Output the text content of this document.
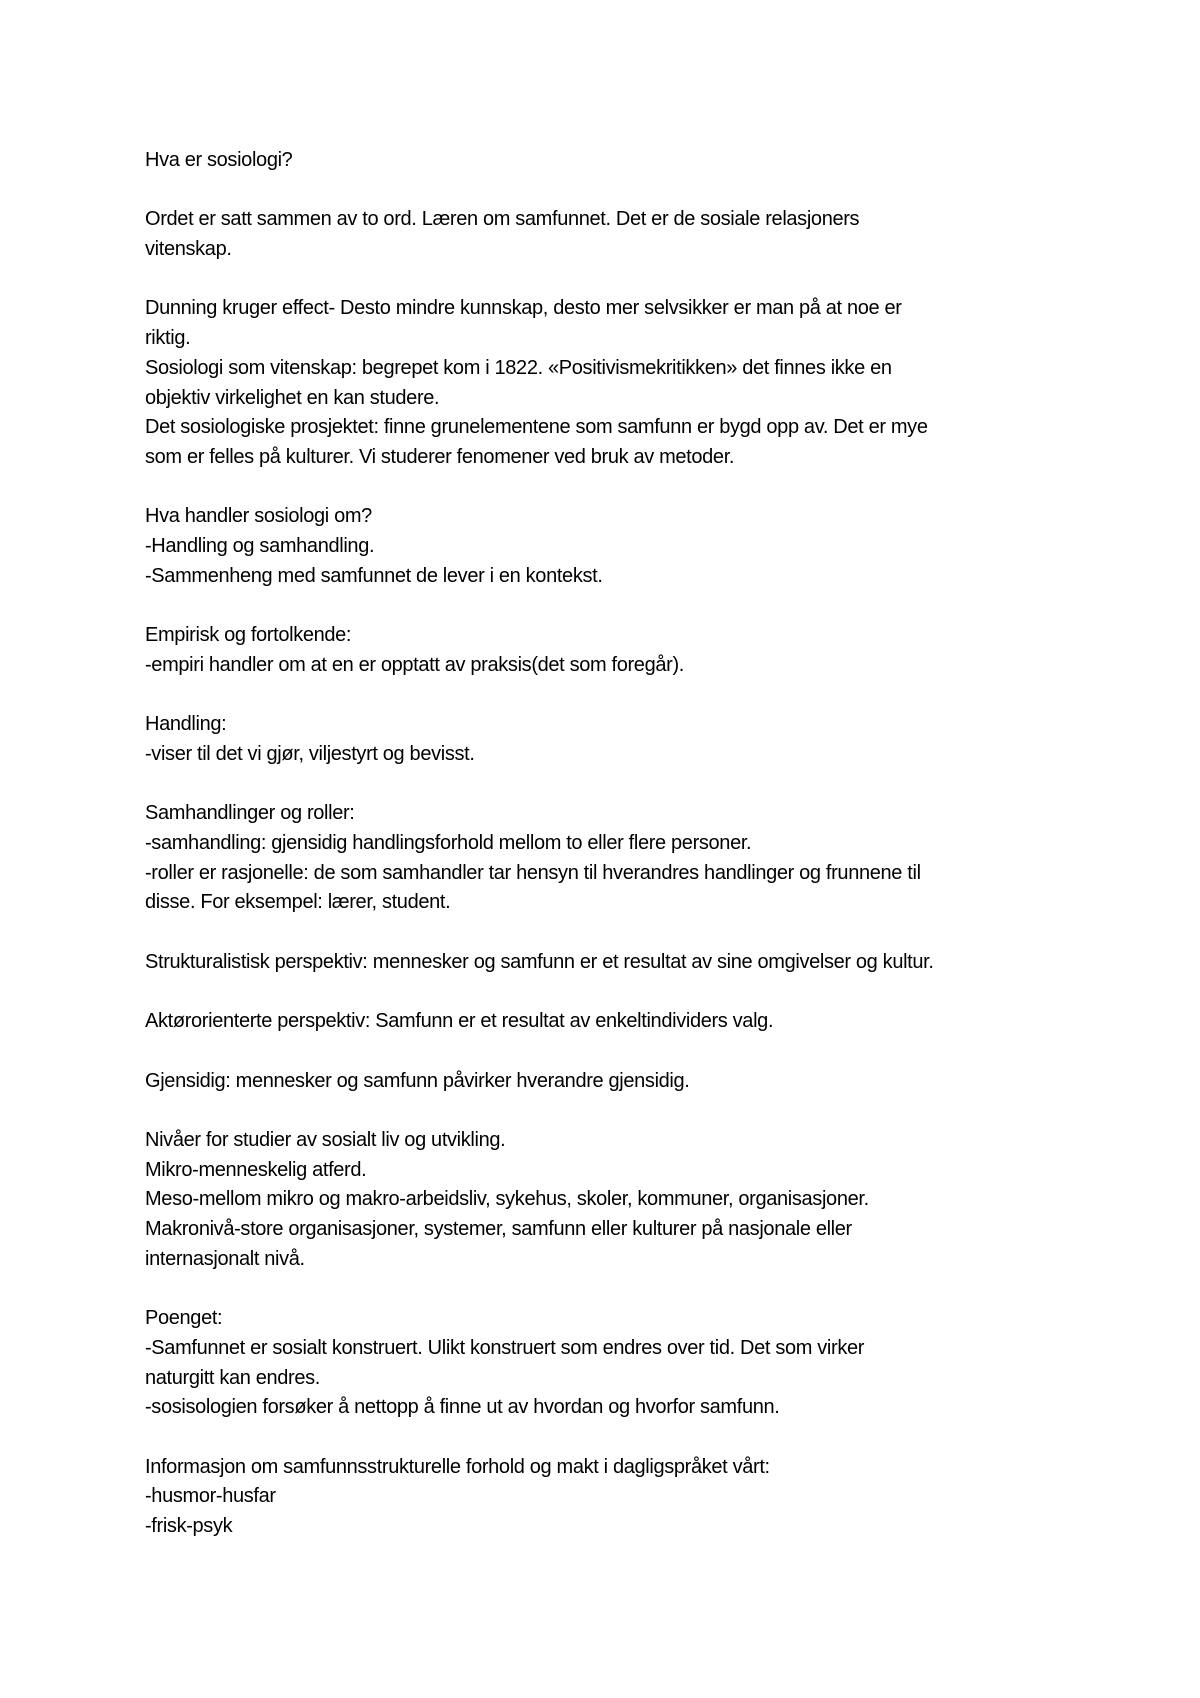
Hva er sosiologi?

Ordet er satt sammen av to ord. Læren om samfunnet. Det er de sosiale relasjoners

vitenskap.

Dunning kruger effect- Desto mindre kunnskap, desto mer selvsikker er man på at noe er

riktig.

Sosiologi som vitenskap: begrepet kom i 1822. «Positivismekritikken» det finnes ikke en

objektiv virkelighet en kan studere.

Det sosiologiske prosjektet: finne grunelementene som samfunn er bygd opp av. Det er mye

som er felles på kulturer. Vi studerer fenomener ved bruk av metoder.

Hva handler sosiologi om?

-Handling og samhandling.

-Sammenheng med samfunnet de lever i en kontekst.

Empirisk og fortolkende:

-empiri handler om at en er opptatt av praksis(det som foregår).

Handling:

-viser til det vi gjør, viljestyrt og bevisst.

Samhandlinger og roller:

-samhandling: gjensidig handlingsforhold mellom to eller flere personer.

-roller er rasjonelle: de som samhandler tar hensyn til hverandres handlinger og frunnene til

disse. For eksempel: lærer, student.

Strukturalistisk perspektiv: mennesker og samfunn er et resultat av sine omgivelser og kultur.

Aktørorienterte perspektiv: Samfunn er et resultat av enkeltindividers valg.

Gjensidig: mennesker og samfunn påvirker hverandre gjensidig.

Nivåer for studier av sosialt liv og utvikling.

Mikro-menneskelig atferd.

Meso-mellom mikro og makro-arbeidsliv, sykehus, skoler, kommuner, organisasjoner.

Makronivå-store organisasjoner, systemer, samfunn eller kulturer på nasjonale eller

internasjonalt nivå.

Poenget:

-Samfunnet er sosialt konstruert. Ulikt konstruert som endres over tid. Det som virker

naturgitt kan endres.

-sosisologien forsøker å nettopp å finne ut av hvordan og hvorfor samfunn.

Informasjon om samfunnsstrukturelle forhold og makt i dagligspråket vårt:

-husmor-husfar

-frisk-psyk
